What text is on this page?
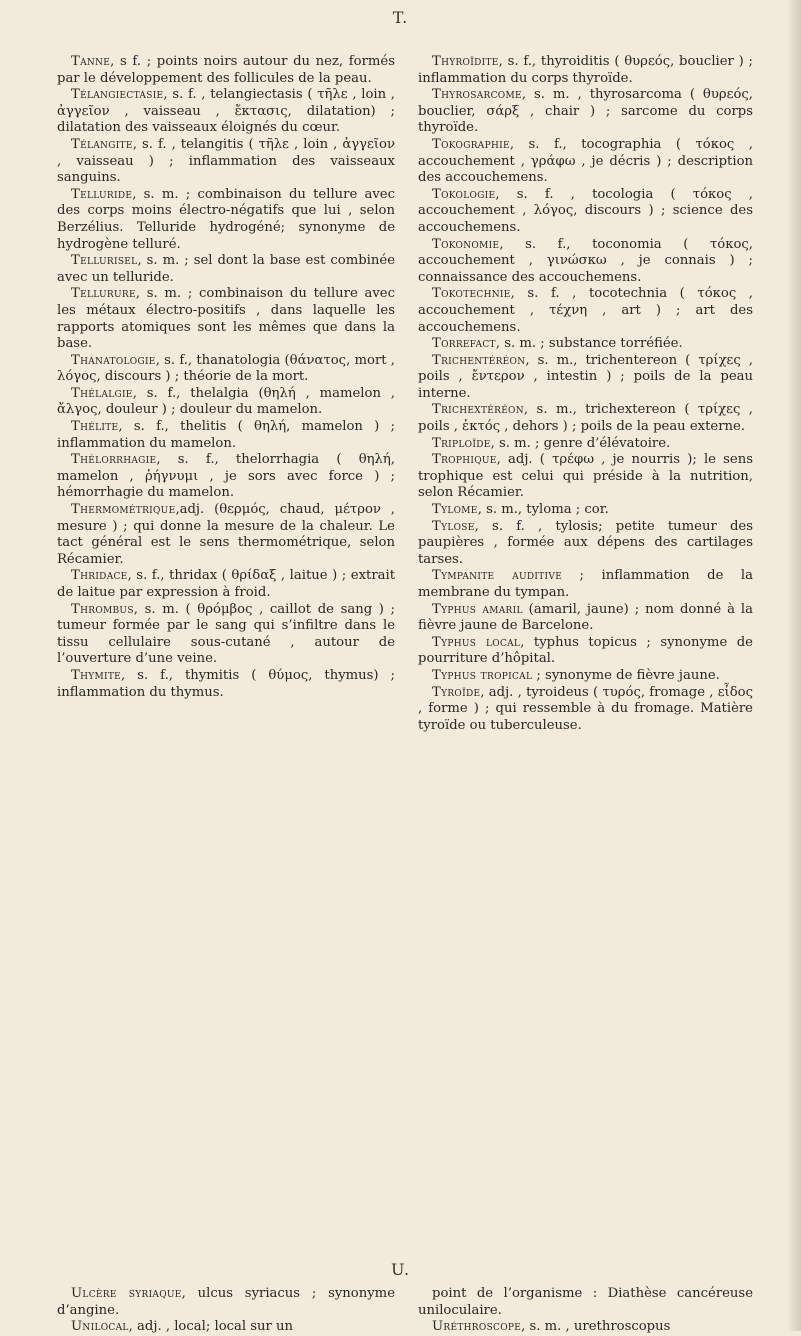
T.

Tanne, s f. ; points noirs autour du nez, formés par le développement des follicules de la peau.

Télangiectasie, s. f. , telangiectasis ( τῆλε , loin , ἀγγεῖον , vaisseau , ἔκτασις, dilatation) ; dilatation des vaisseaux éloignés du cœur.

Télangite, s. f. , telangitis ( τῆλε , loin , ἀγγεῖον , vaisseau ) ; inflammation des vaisseaux sanguins.

Telluride, s. m. ; combinaison du tellure avec des corps moins électro-négatifs que lui , selon Berzélius. Telluride hydrogéné; synonyme de hydrogène telluré.

Tellurisel, s. m. ; sel dont la base est combinée avec un telluride.

Tellurure, s. m. ; combinaison du tellure avec les métaux électro-positifs , dans laquelle les rapports atomiques sont les mêmes que dans la base.

Thanatologie, s. f., thanatologia (θάνατος, mort , λόγος, discours ) ; théorie de la mort.

Thélalgie, s. f., thelalgia (θηλή , mamelon , ἄλγος, douleur ) ; douleur du mamelon.

Thélite, s. f., thelitis ( θηλή, mamelon ) ; inflammation du mamelon.

Thélorrhagie, s. f., thelorrhagia ( θηλή, mamelon , ῥήγνυμι , je sors avec force ) ; hémorrhagie du mamelon.

Thermométrique,adj. (θερμός, chaud, μέτρον , mesure ) ; qui donne la mesure de la chaleur. Le tact général est le sens thermométrique, selon Récamier.

Thridace, s. f., thridax ( θρίδαξ , laitue ) ; extrait de laitue par expression à froid.

Thrombus, s. m. ( θρόμβος , caillot de sang ) ; tumeur formée par le sang qui s’infiltre dans le tissu cellulaire sous-cutané , autour de l’ouverture d’une veine.

Thymite, s. f., thymitis ( θύμος, thymus) ; inflammation du thymus.

Thyroïdite, s. f., thyroiditis ( θυρεός, bouclier ) ; inflammation du corps thyroïde.

Thyrosarcome, s. m. , thyrosarcoma ( θυρεός, bouclier, σάρξ , chair ) ; sarcome du corps thyroïde.

Tokographie, s. f., tocographia ( τόκος , accouchement , γράφω , je décris ) ; description des accouchemens.

Tokologie, s. f. , tocologia ( τόκος , accouchement , λόγος, discours ) ; science des accouchemens.

Tokonomie, s. f., toconomia ( τόκος, accouchement , γινώσκω , je connais ) ; connaissance des accouchemens.

Tokotechnie, s. f. , tocotechnia ( τόκος , accouchement , τέχνη , art ) ; art des accouchemens.

Torrefact, s. m. ; substance torréfiée.

Trichentéréon, s. m., trichentereon ( τρίχες , poils , ἔντερον , intestin ) ; poils de la peau interne.

Trichextéréon, s. m., trichextereon ( τρίχες , poils , ἐκτός , dehors ) ; poils de la peau externe.

Triploïde, s. m. ; genre d’élévatoire.

Trophique, adj. ( τρέφω , je nourris ); le sens trophique est celui qui préside à la nutrition, selon Récamier.

Tylome, s. m., tyloma ; cor.

Tylose, s. f. , tylosis; petite tumeur des paupières , formée aux dépens des cartilages tarses.

Tympanite auditive ; inflammation de la membrane du tympan.

Typhus amaril (amaril, jaune) ; nom donné à la fièvre jaune de Barcelone.

Typhus local, typhus topicus ; synonyme de pourriture d’hôpital.

Typhus tropical ; synonyme de fièvre jaune.

Tyroïde, adj. , tyroideus ( τυρός, fromage , εἶδος , forme ) ; qui ressemble à du fromage. Matière tyroïde ou tuberculeuse.

U.

Ulcère syriaque, ulcus syriacus ; synonyme d’angine.

Unilocal, adj. , local; local sur un

point de l’organisme : Diathèse cancéreuse uniloculaire.

Uréthroscope, s. m. , urethroscopus
